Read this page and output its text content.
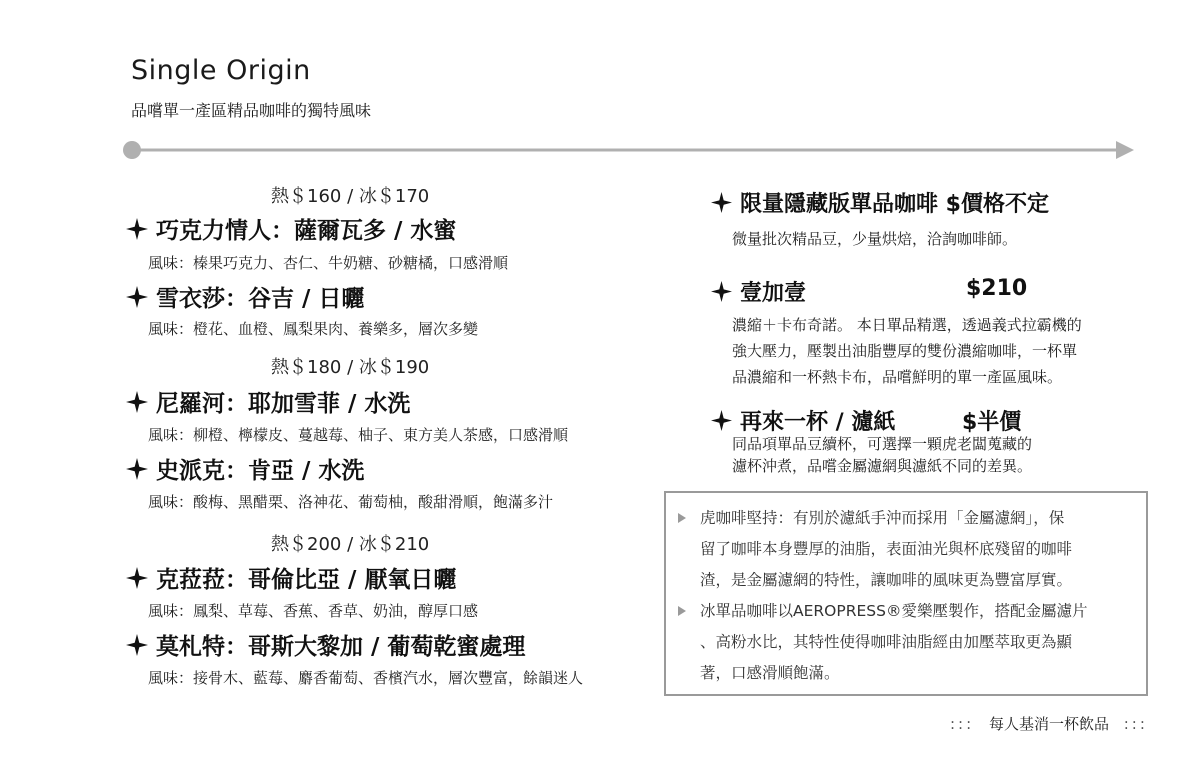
Single Origin
品嚐單一產區精品咖啡的獨特風味
熱＄160 / 冰＄170
巧克力情人：薩爾瓦多 / 水蜜
風味：榛果巧克力、杏仁、牛奶糖、砂糖橘，口感滑順
雪衣莎：谷吉 / 日曬
風味：橙花、血橙、鳳梨果肉、養樂多，層次多變
熱＄180 / 冰＄190
尼羅河：耶加雪菲 / 水洗
風味：柳橙、檸檬皮、蔓越莓、柚子、東方美人茶感，口感滑順
史派克：肯亞 / 水洗
風味：酸梅、黑醋栗、洛神花、葡萄柚，酸甜滑順，飽滿多汁
熱＄200 / 冰＄210
克菈菈：哥倫比亞 / 厭氧日曬
風味：鳳梨、草莓、香蕉、香草、奶油，醇厚口感
莫札特：哥斯大黎加 / 葡萄乾蜜處理
風味：接骨木、藍莓、麝香葡萄、香檳汽水，層次豐富，餘韻迷人
限量隱藏版單品咖啡 $價格不定
微量批次精品豆，少量烘焙，洽詢咖啡師。
壹加壹	$210
濃縮＋卡布奇諾。 本日單品精選，透過義式拉霸機的
強大壓力，壓製出油脂豐厚的雙份濃縮咖啡，一杯單
品濃縮和一杯熱卡布，品嚐鮮明的單一產區風味。
再來一杯 / 濾紙	$半價
同品項單品豆續杯，可選擇一顆虎老闆蒐藏的
濾杯沖煮，品嚐金屬濾網與濾紙不同的差異。
虎咖啡堅持：有別於濾紙手沖而採用「金屬濾網」，保
留了咖啡本身豐厚的油脂，表面油光與杯底殘留的咖啡
渣，是金屬濾網的特性，讓咖啡的風味更為豐富厚實。
冰單品咖啡以AEROPRESS®愛樂壓製作，搭配金屬濾片
、高粉水比，其特性使得咖啡油脂經由加壓萃取更為顯
著，口感滑順飽滿。
::: 每人基消一杯飲品 :::
